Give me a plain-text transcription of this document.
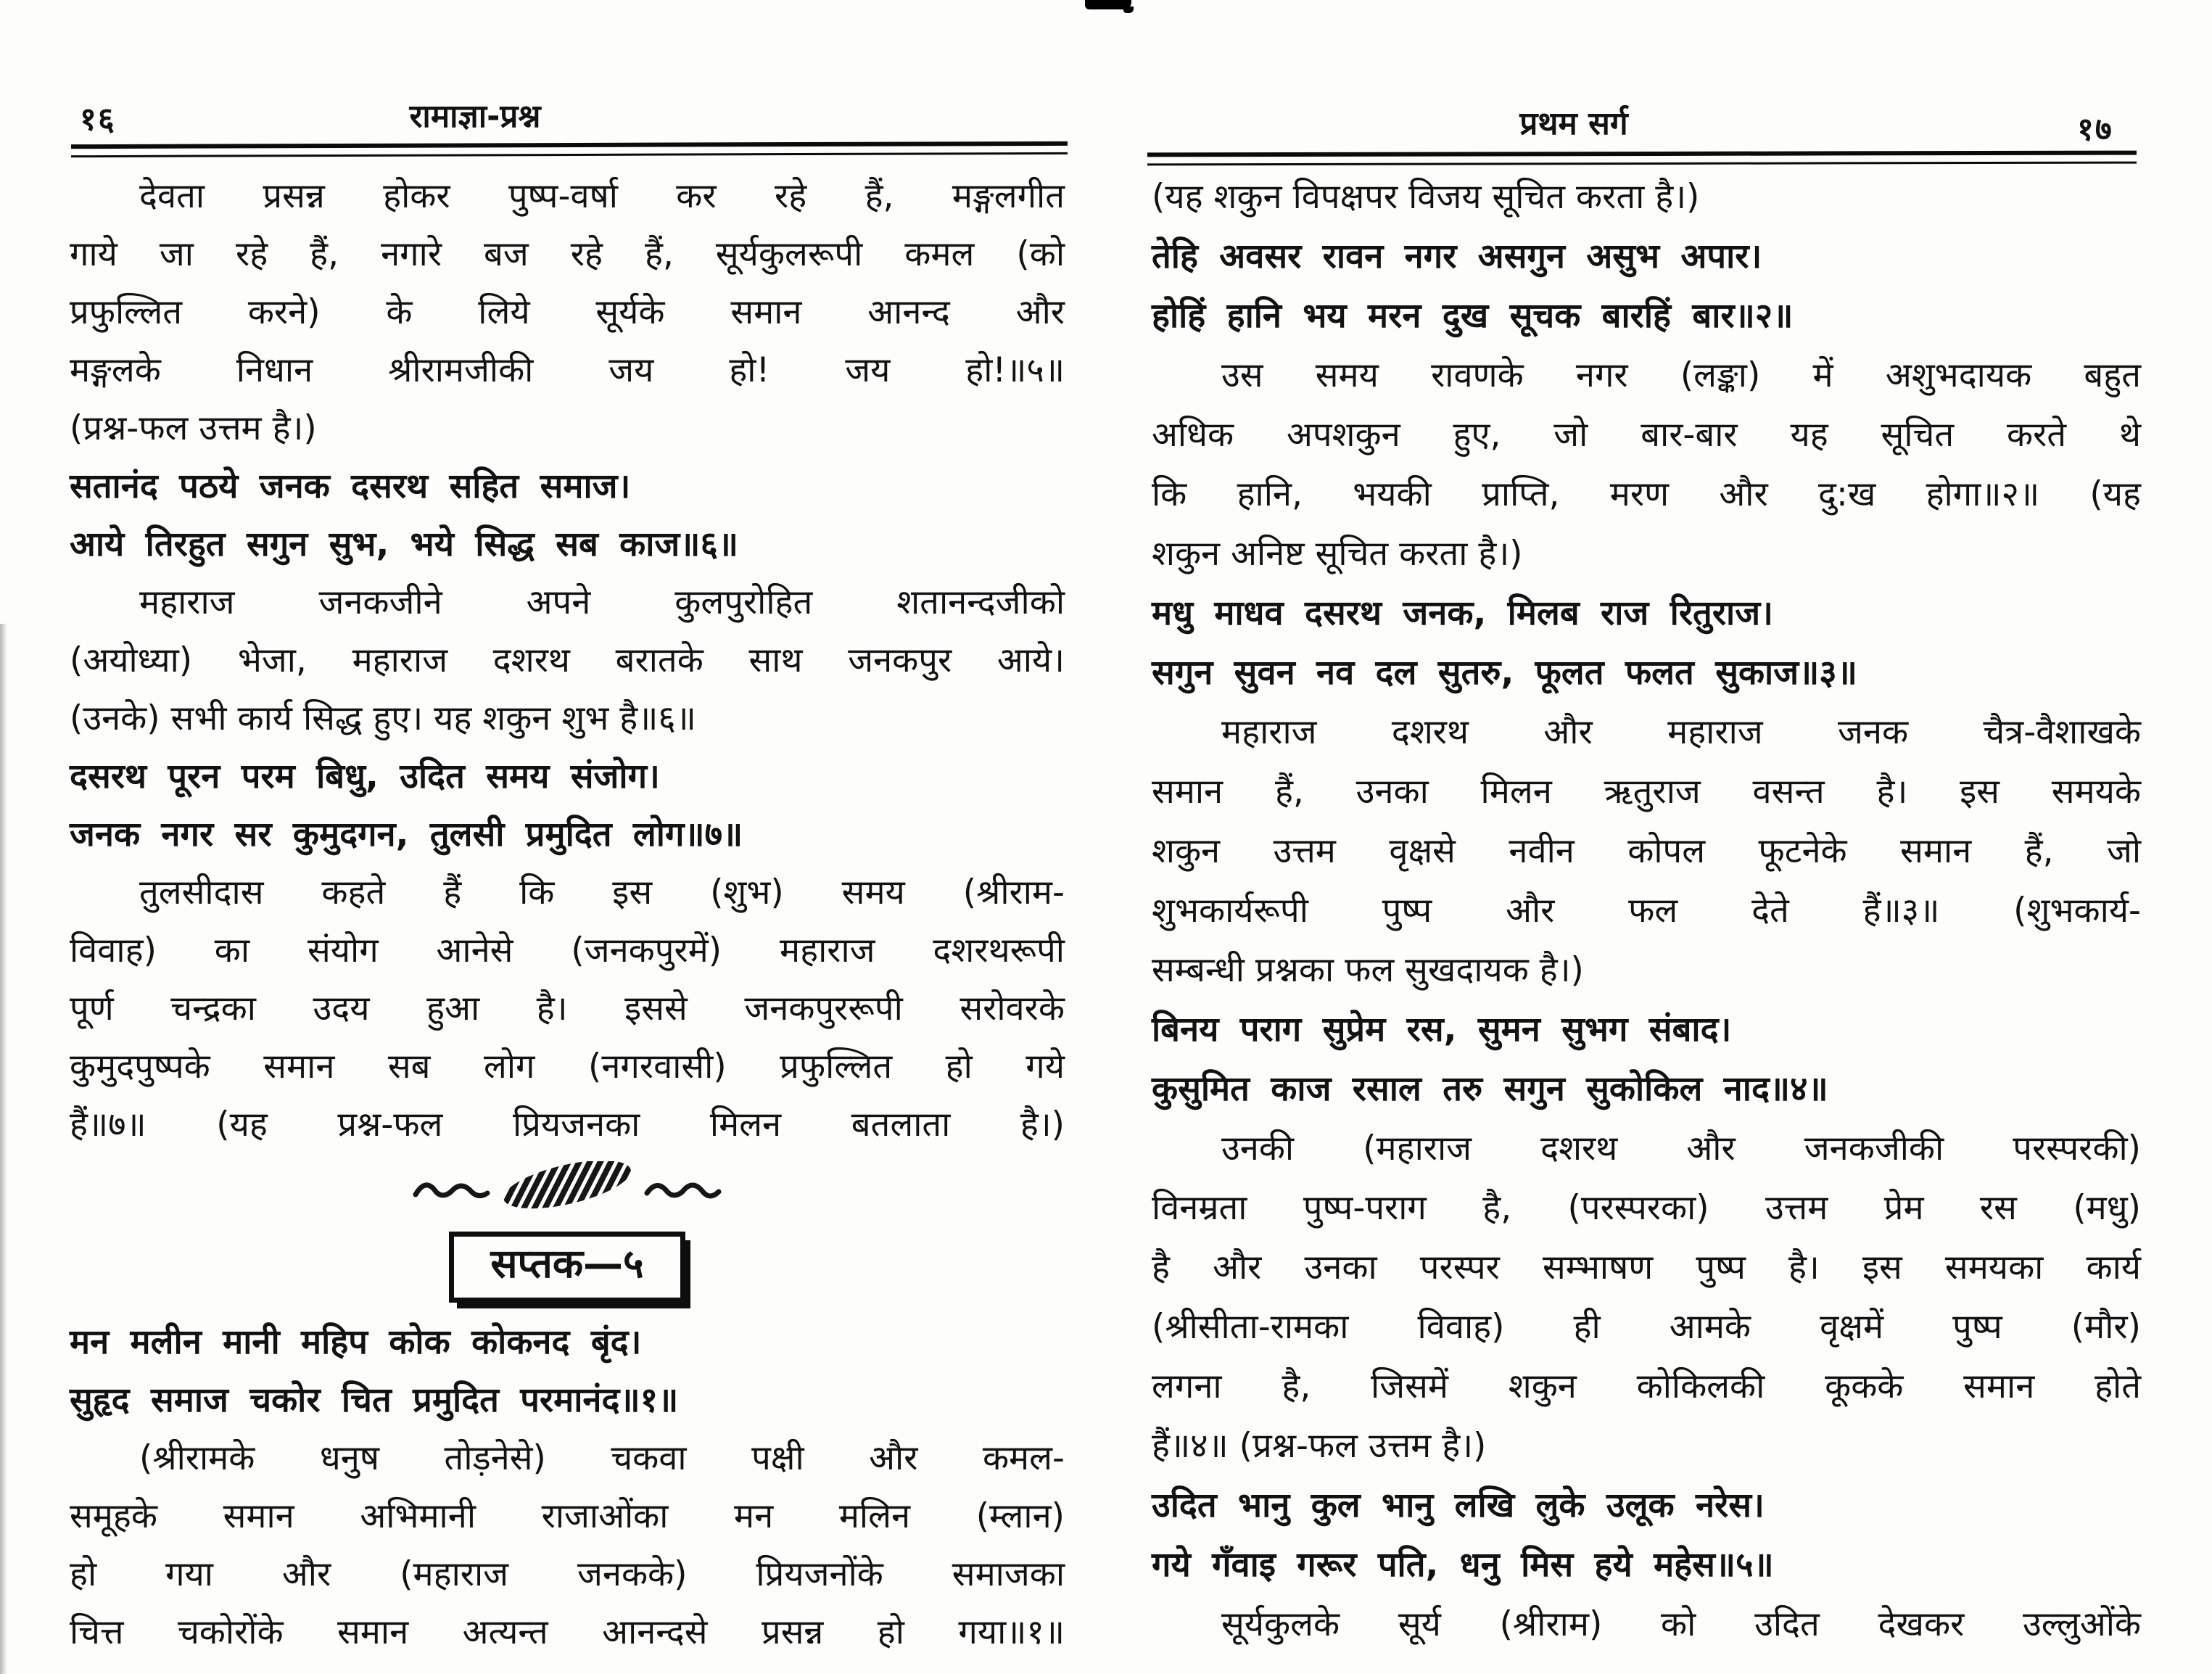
१६	रामाज्ञा-प्रश्न	प्रथम सर्ग	१७
देवता प्रसन्न होकर पुष्प-वर्षा कर रहे हैं, मङ्गलगीत
गाये जा रहे हैं, नगारे बज रहे हैं, सूर्यकुलरूपी कमल (को
प्रफुल्लित करने) के लिये सूर्यके समान आनन्द और
मङ्गलके निधान श्रीरामजीकी जय हो! जय हो!॥५॥
(प्रश्न-फल उत्तम है।)
सतानंद पठये जनक दसरथ सहित समाज।
आये तिरहुत सगुन सुभ, भये सिद्ध सब काज॥६॥
महाराज जनकजीने अपने कुलपुरोहित शतानन्दजीको
(अयोध्या) भेजा, महाराज दशरथ बरातके साथ जनकपुर आये।
(उनके) सभी कार्य सिद्ध हुए। यह शकुन शुभ है॥६॥
दसरथ पूरन परम बिधु, उदित समय संजोग।
जनक नगर सर कुमुदगन, तुलसी प्रमुदित लोग॥७॥
तुलसीदास कहते हैं कि इस (शुभ) समय (श्रीराम-
विवाह) का संयोग आनेसे (जनकपुरमें) महाराज दशरथरूपी
पूर्ण चन्द्रका उदय हुआ है। इससे जनकपुररूपी सरोवरके
कुमुदपुष्पके समान सब लोग (नगरवासी) प्रफुल्लित हो गये
हैं॥७॥ (यह प्रश्न-फल प्रियजनका मिलन बतलाता है।)
सप्तक—५
मन मलीन मानी महिप कोक कोकनद बृंद।
सुहृद समाज चकोर चित प्रमुदित परमानंद॥१॥
(श्रीरामके धनुष तोड़नेसे) चकवा पक्षी और कमल-
समूहके समान अभिमानी राजाओंका मन मलिन (म्लान)
हो गया और (महाराज जनकके) प्रियजनोंके समाजका
चित्त चकोरोंके समान अत्यन्त आनन्दसे प्रसन्न हो गया॥१॥
(यह शकुन विपक्षपर विजय सूचित करता है।)
तेहि अवसर रावन नगर असगुन असुभ अपार।
होहिं हानि भय मरन दुख सूचक बारहिं बार॥२॥
उस समय रावणके नगर (लङ्का) में अशुभदायक बहुत
अधिक अपशकुन हुए, जो बार-बार यह सूचित करते थे
कि हानि, भयकी प्राप्ति, मरण और दु:ख होगा॥२॥ (यह
शकुन अनिष्ट सूचित करता है।)
मधु माधव दसरथ जनक, मिलब राज रितुराज।
सगुन सुवन नव दल सुतरु, फूलत फलत सुकाज॥३॥
महाराज दशरथ और महाराज जनक चैत्र-वैशाखके
समान हैं, उनका मिलन ऋतुराज वसन्त है। इस समयके
शकुन उत्तम वृक्षसे नवीन कोपल फूटनेके समान हैं, जो
शुभकार्यरूपी पुष्प और फल देते हैं॥३॥ (शुभकार्य-
सम्बन्धी प्रश्नका फल सुखदायक है।)
बिनय पराग सुप्रेम रस, सुमन सुभग संबाद।
कुसुमित काज रसाल तरु सगुन सुकोकिल नाद॥४॥
उनकी (महाराज दशरथ और जनकजीकी परस्परकी)
विनम्रता पुष्प-पराग है, (परस्परका) उत्तम प्रेम रस (मधु)
है और उनका परस्पर सम्भाषण पुष्प है। इस समयका कार्य
(श्रीसीता-रामका विवाह) ही आमके वृक्षमें पुष्प (मौर)
लगना है, जिसमें शकुन कोकिलकी कूकके समान होते
हैं॥४॥ (प्रश्न-फल उत्तम है।)
उदित भानु कुल भानु लखि लुके उलूक नरेस।
गये गँवाइ गरूर पति, धनु मिस हये महेस॥५॥
सूर्यकुलके सूर्य (श्रीराम) को उदित देखकर उल्लुओंके
